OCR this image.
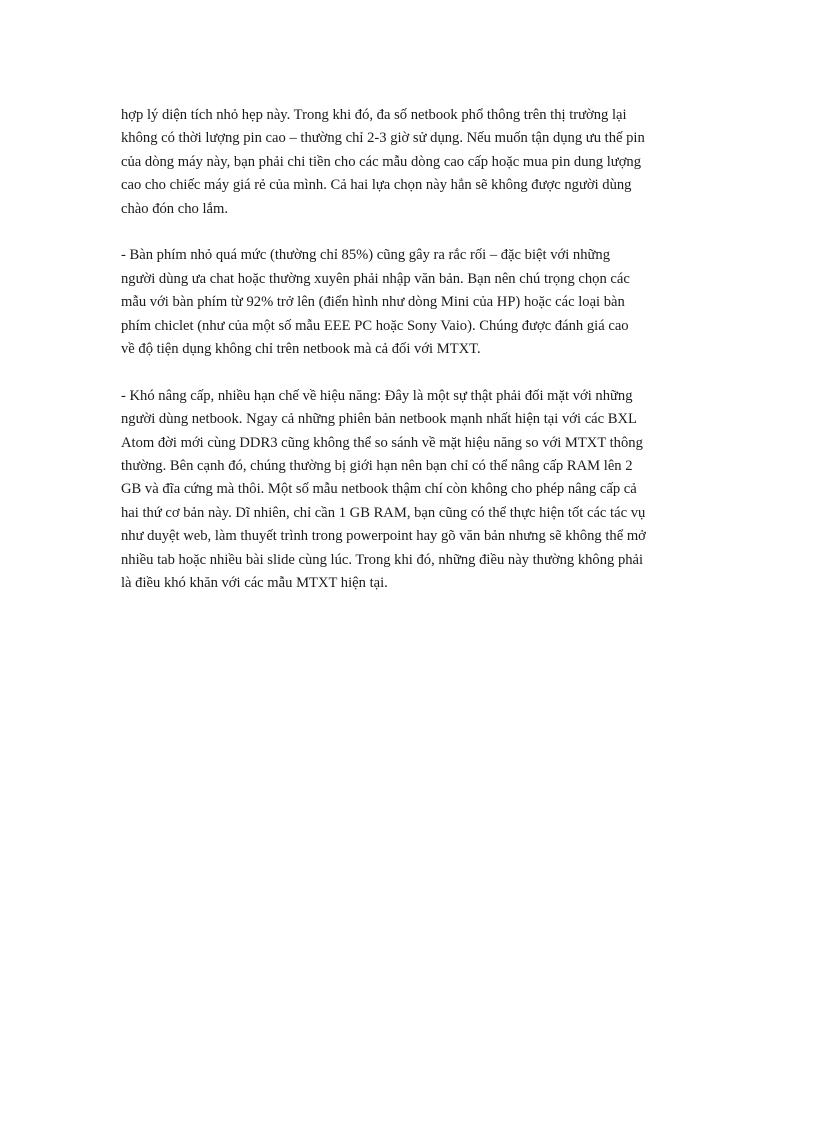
hợp lý diện tích nhỏ hẹp này. Trong khi đó, đa số netbook phổ thông trên thị trường lại
không có thời lượng pin cao – thường chỉ 2-3 giờ sử dụng. Nếu muốn tận dụng ưu thế pin
của dòng máy này, bạn phải chi tiền cho các mẫu dòng cao cấp hoặc mua pin dung lượng
cao cho chiếc máy giá rẻ của mình. Cả hai lựa chọn này hẳn sẽ không được người dùng
chào đón cho lắm.
- Bàn phím nhỏ quá mức (thường chỉ 85%) cũng gây ra rắc rối – đặc biệt với những
người dùng ưa chat hoặc thường xuyên phải nhập văn bản. Bạn nên chú trọng chọn các
mẫu với bàn phím từ 92% trở lên (điển hình như dòng Mini của HP) hoặc các loại bàn
phím chiclet (như của một số mẫu EEE PC hoặc Sony Vaio). Chúng được đánh giá cao
về độ tiện dụng không chỉ trên netbook mà cả đối với MTXT.
- Khó nâng cấp, nhiều hạn chế về hiệu năng: Đây là một sự thật phải đối mặt với những
người dùng netbook. Ngay cả những phiên bản netbook mạnh nhất hiện tại với các BXL
Atom đời mới cùng DDR3 cũng không thể so sánh về mặt hiệu năng so với MTXT thông
thường. Bên cạnh đó, chúng thường bị giới hạn nên bạn chỉ có thể nâng cấp RAM lên 2
GB và đĩa cứng mà thôi. Một số mẫu netbook thậm chí còn không cho phép nâng cấp cả
hai thứ cơ bản này. Dĩ nhiên, chỉ cần 1 GB RAM, bạn cũng có thể thực hiện tốt các tác vụ
như duyệt web, làm thuyết trình trong powerpoint hay gõ văn bản nhưng sẽ không thể mở
nhiều tab hoặc nhiều bài slide cùng lúc. Trong khi đó, những điều này thường không phải
là điều khó khăn với các mẫu MTXT hiện tại.
